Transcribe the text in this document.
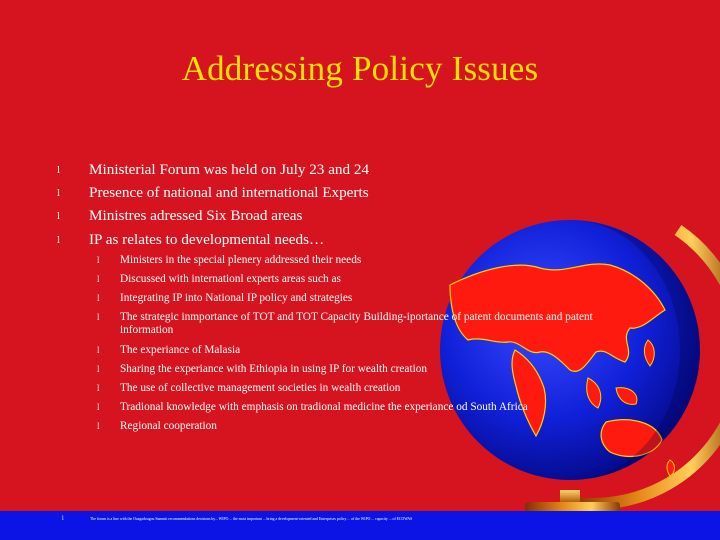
Addressing Policy Issues
l Ministerial Forum was held on July 23 and 24
l Presence of national and international Experts
l Ministres adressed Six Broad areas
l IP as relates to developmental needs…
l Ministers in the special plenery addressed their needs
l Discussed with internationl experts areas such as
l Integrating IP into National IP policy and strategies
l The strategic inmportance of TOT and TOT Capacity Building-iportance of patent documents and patent information
l The experiance of Malasia
l Sharing the experiance with Ethiopia in using IP for wealth creation
l The use of collective management societies in wealth creation
l Tradional knowledge with emphasis on tradional medicine the experiance od South Africa
l Regional cooperation
l	The forum is a line with the Ouagadougou Summit recommendations decisions by... WIPO ... the most important ... bring a development-oriented and Enterprises policy ... of the WIPO ... capacity ... of ECOWAS
